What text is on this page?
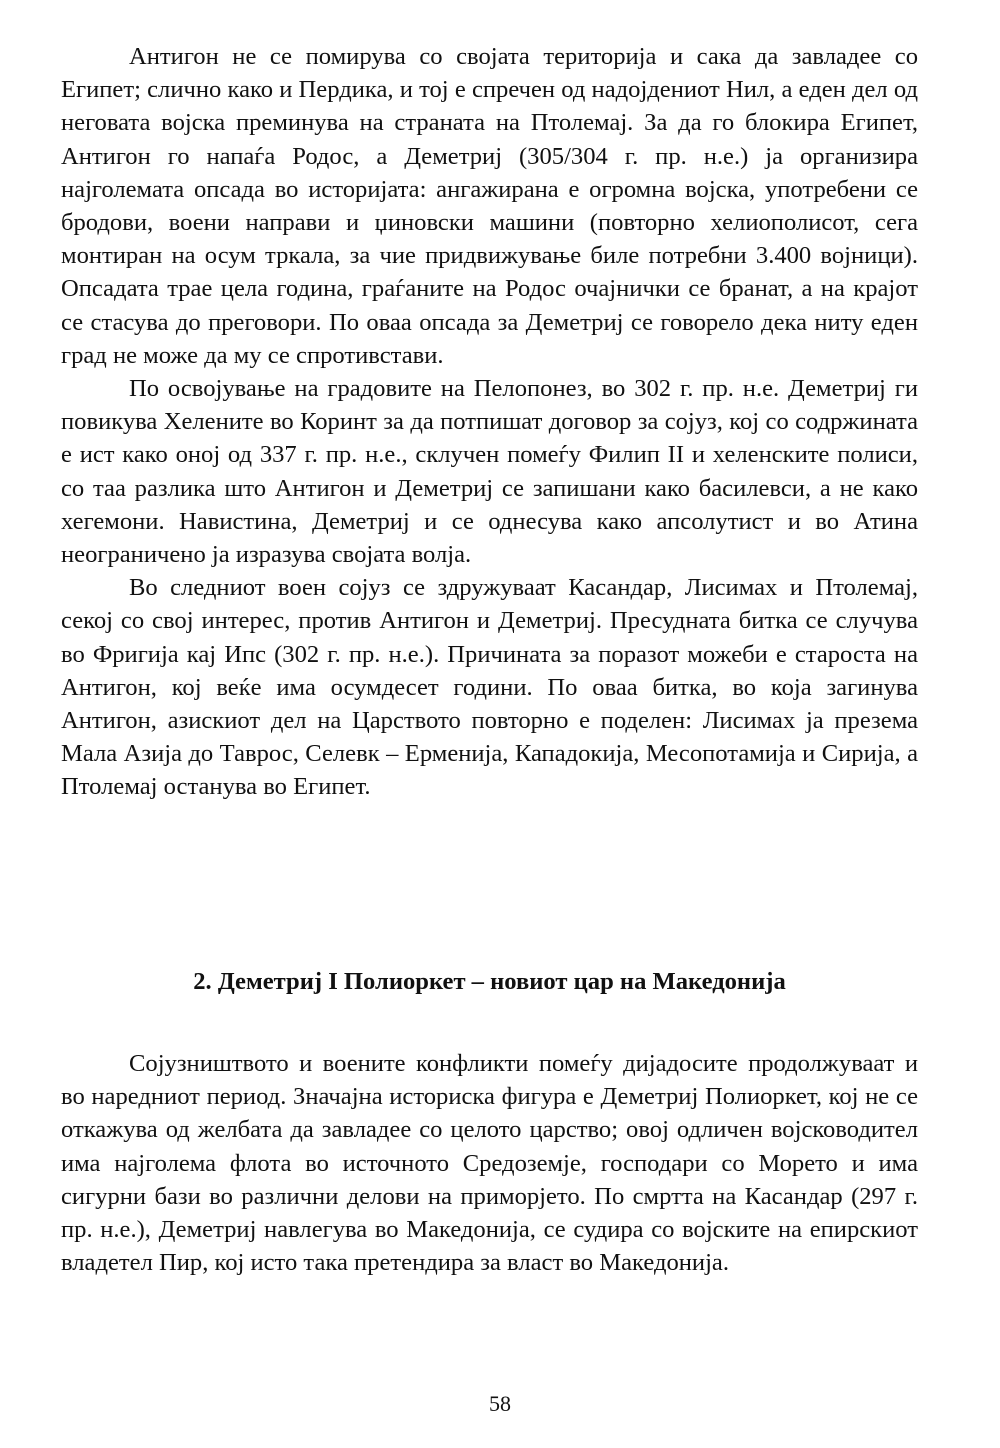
Антигон не се помирува со својата територија и сака да завладее со Египет; слично како и Пердика, и тој е спречен од надојдениот Нил, а еден дел од неговата војска преминува на страната на Птолемај. За да го блокира Египет, Антигон го напаѓа Родос, а Деметриј (305/304 г. пр. н.е.) ја организира најголемата опсада во историјата: ангажирана е огромна војска, употребени се бродови, воени направи и џиновски машини (повторно хелиополисот, сега монтиран на осум тркала, за чие придвижување биле потребни 3.400 војници). Опсадата трае цела година, граѓаните на Родос очајнички се бранат, а на крајот се стасува до преговори. По оваа опсада за Деметриј се говорело дека ниту еден град не може да му се спротивстави.

По освојување на градовите на Пелопонез, во 302 г. пр. н.е. Деметриј ги повикува Хелените во Коринт за да потпишат договор за сојуз, кој со содржината е ист како оној од 337 г. пр. н.е., склучен помеѓу Филип II и хеленските полиси, со таа разлика што Антигон и Деметриј се запишани како басилевси, а не како хегемони. Навистина, Деметриј и се однесува како апсолутист и во Атина неограничено ја изразува својата волја.

Во следниот воен сојуз се здружуваат Касандар, Лисимах и Птолемај, секој со свој интерес, против Антигон и Деметриј. Пресудната битка се случува во Фригија кај Ипс (302 г. пр. н.е.). Причината за поразот можеби е староста на Антигон, кој веќе има осумдесет години. По оваа битка, во која загинува Антигон, азискиот дел на Царството повторно е поделен: Лисимах ја презема Мала Азија до Таврос, Селевк – Ерменија, Кападокија, Месопотамија и Сирија, а Птолемај останува во Египет.

2. Деметриј I Полиоркет – новиот цар на Македонија

Сојузништвото и воените конфликти помеѓу дијадосите продолжуваат и во наредниот период. Значајна историска фигура е Деметриј Полиоркет, кој не се откажува од желбата да завладее со целото царство; овој одличен војсководител има најголема флота во источното Средоземје, господари со Морето и има сигурни бази во различни делови на приморјето. По смртта на Касандар (297 г. пр. н.е.), Деметриј навлегува во Македонија, се судира со војските на епирскиот владетел Пир, кој исто така претендира за власт во Македонија.

58
